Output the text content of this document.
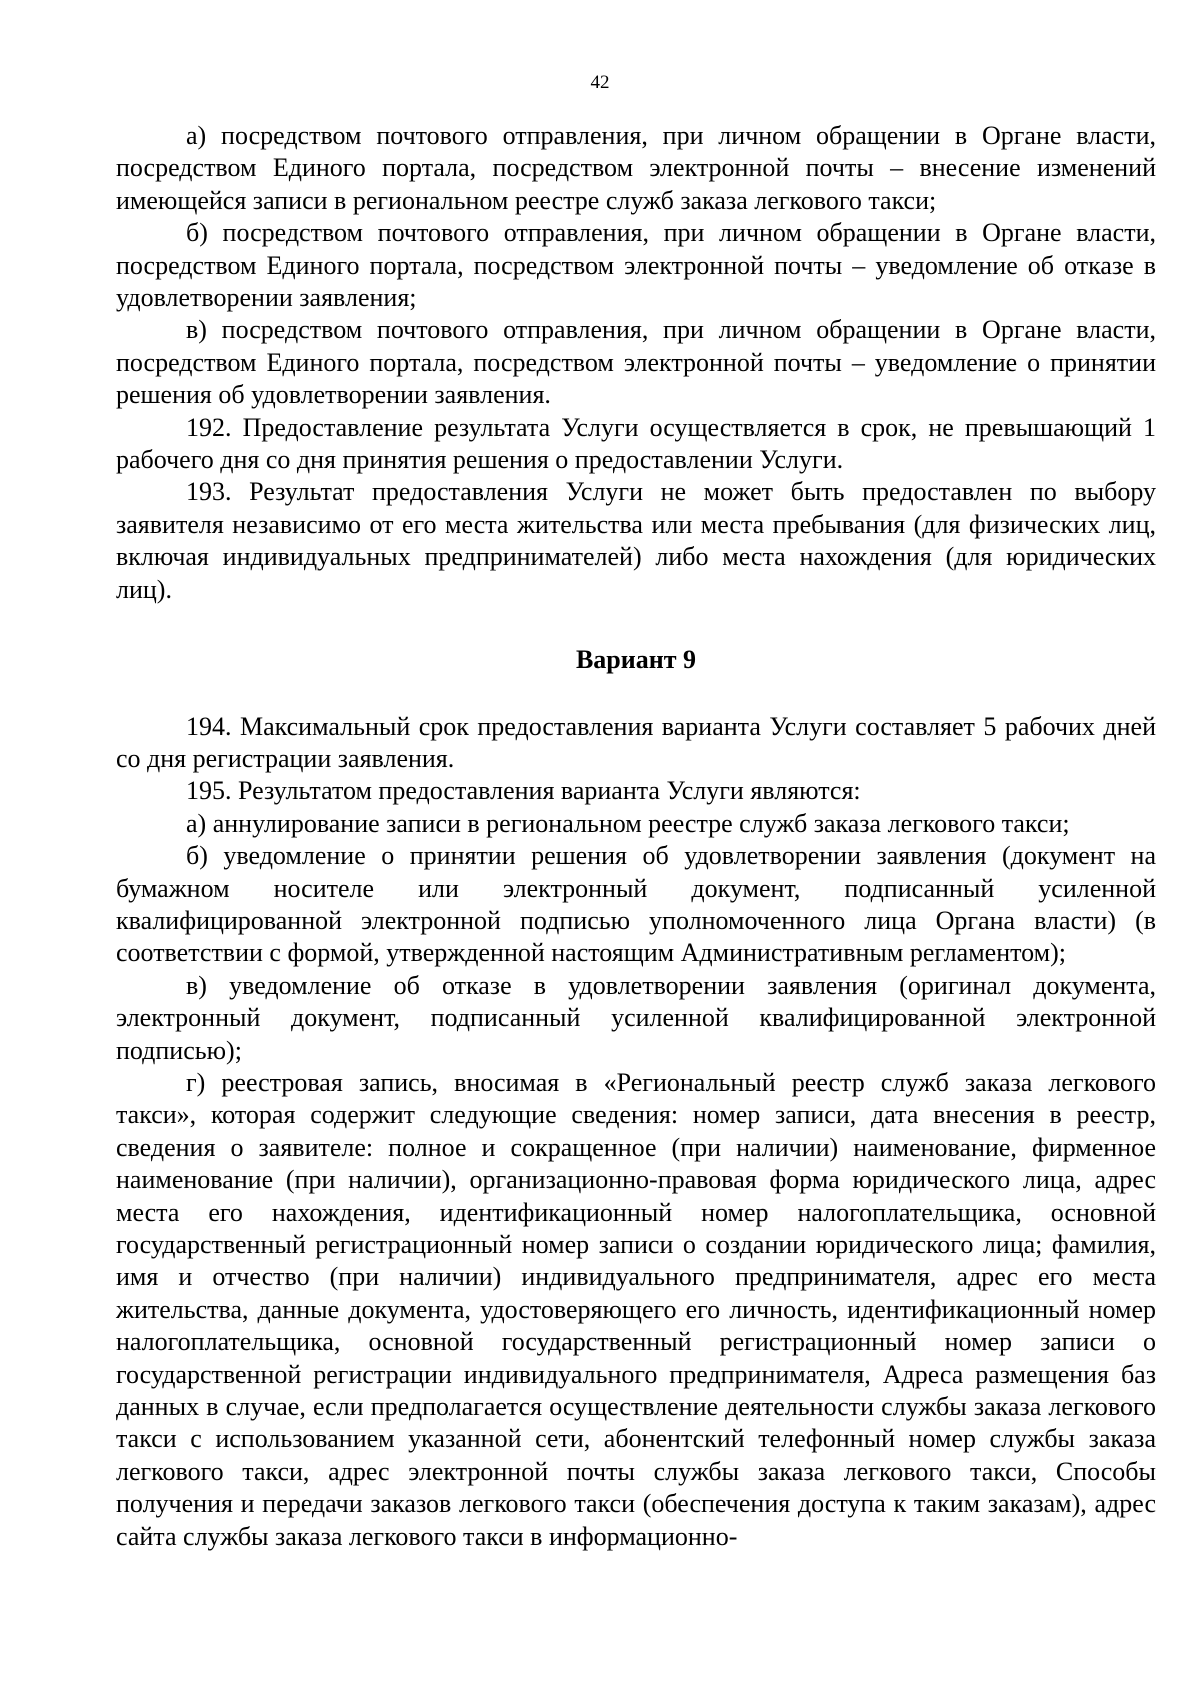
42

а) посредством почтового отправления, при личном обращении в Органе власти, посредством Единого портала, посредством электронной почты – внесение изменений имеющейся записи в региональном реестре служб заказа легкового такси;

б) посредством почтового отправления, при личном обращении в Органе власти, посредством Единого портала, посредством электронной почты – уведомление об отказе в удовлетворении заявления;

в) посредством почтового отправления, при личном обращении в Органе власти, посредством Единого портала, посредством электронной почты – уведомление о принятии решения об удовлетворении заявления.

192. Предоставление результата Услуги осуществляется в срок, не превышающий 1 рабочего дня со дня принятия решения о предоставлении Услуги.

193. Результат предоставления Услуги не может быть предоставлен по выбору заявителя независимо от его места жительства или места пребывания (для физических лиц, включая индивидуальных предпринимателей) либо места нахождения (для юридических лиц).

Вариант 9

194. Максимальный срок предоставления варианта Услуги составляет 5 рабочих дней со дня регистрации заявления.

195. Результатом предоставления варианта Услуги являются:

а) аннулирование записи в региональном реестре служб заказа легкового такси;

б) уведомление о принятии решения об удовлетворении заявления (документ на бумажном носителе или электронный документ, подписанный усиленной квалифицированной электронной подписью уполномоченного лица Органа власти) (в соответствии с формой, утвержденной настоящим Административным регламентом);

в) уведомление об отказе в удовлетворении заявления (оригинал документа, электронный документ, подписанный усиленной квалифицированной электронной подписью);

г) реестровая запись, вносимая в «Региональный реестр служб заказа легкового такси», которая содержит следующие сведения: номер записи, дата внесения в реестр, сведения о заявителе: полное и сокращенное (при наличии) наименование, фирменное наименование (при наличии), организационно-правовая форма юридического лица, адрес места его нахождения, идентификационный номер налогоплательщика, основной государственный регистрационный номер записи о создании юридического лица; фамилия, имя и отчество (при наличии) индивидуального предпринимателя, адрес его места жительства, данные документа, удостоверяющего его личность, идентификационный номер налогоплательщика, основной государственный регистрационный номер записи о государственной регистрации индивидуального предпринимателя, Адреса размещения баз данных в случае, если предполагается осуществление деятельности службы заказа легкового такси с использованием указанной сети, абонентский телефонный номер службы заказа легкового такси, адрес электронной почты службы заказа легкового такси, Способы получения и передачи заказов легкового такси (обеспечения доступа к таким заказам), адрес сайта службы заказа легкового такси в информационно-
